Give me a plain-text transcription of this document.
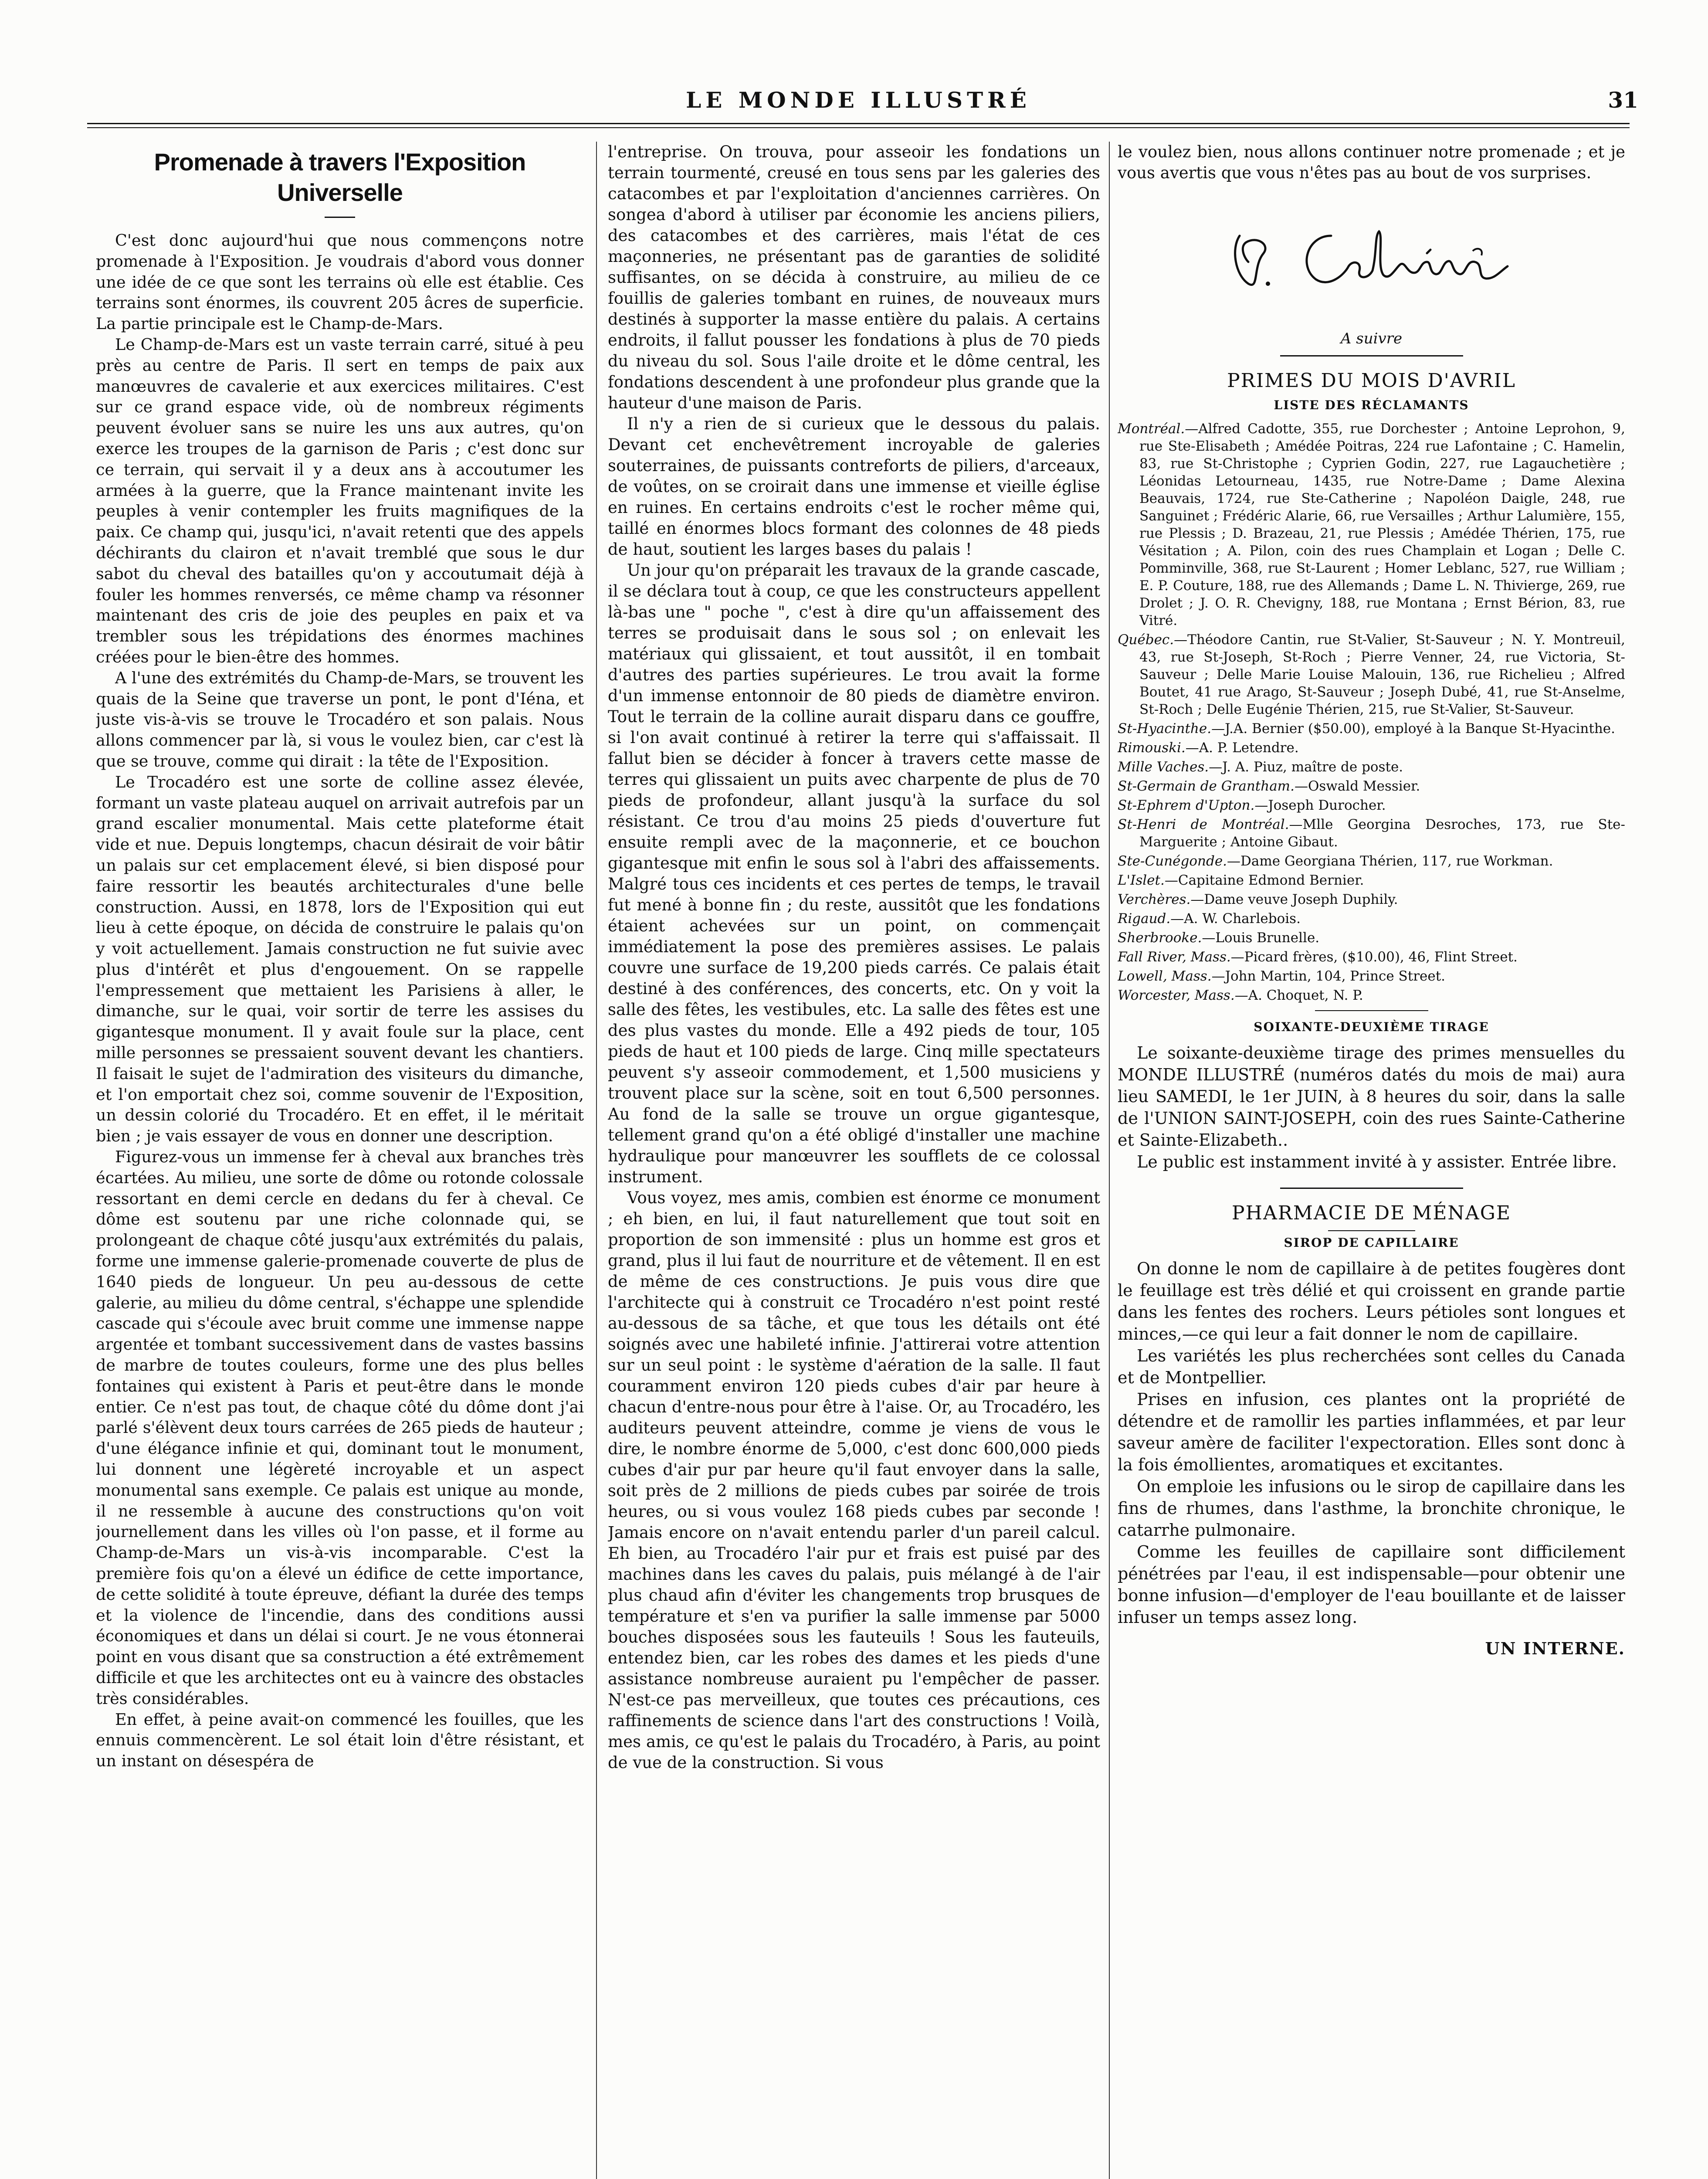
LE MONDE ILLUSTRÉ	31
Promenade à travers l'Exposition Universelle

C'est donc aujourd'hui que nous commençons notre promenade à l'Exposition. Je voudrais d'abord vous donner une idée de ce que sont les terrains où elle est établie. Ces terrains sont énormes, ils couvrent 205 âcres de superficie. La partie principale est le Champ-de-Mars.

Le Champ-de-Mars est un vaste terrain carré, situé à peu près au centre de Paris. Il sert en temps de paix aux manœuvres de cavalerie et aux exercices militaires. C'est sur ce grand espace vide, où de nombreux régiments peuvent évoluer sans se nuire les uns aux autres, qu'on exerce les troupes de la garnison de Paris ; c'est donc sur ce terrain, qui servait il y a deux ans à accoutumer les armées à la guerre, que la France maintenant invite les peuples à venir contempler les fruits magnifiques de la paix. Ce champ qui, jusqu'ici, n'avait retenti que des appels déchirants du clairon et n'avait tremblé que sous le dur sabot du cheval des batailles qu'on y accoutumait déjà à fouler les hommes renversés, ce même champ va résonner maintenant des cris de joie des peuples en paix et va trembler sous les trépidations des énormes machines créées pour le bien-être des hommes.

A l'une des extrémités du Champ-de-Mars, se trouvent les quais de la Seine que traverse un pont, le pont d'Iéna, et juste vis-à-vis se trouve le Trocadéro et son palais. Nous allons commencer par là, si vous le voulez bien, car c'est là que se trouve, comme qui dirait : la tête de l'Exposition.

Le Trocadéro est une sorte de colline assez élevée, formant un vaste plateau auquel on arrivait autrefois par un grand escalier monumental. Mais cette plateforme était vide et nue. Depuis longtemps, chacun désirait de voir bâtir un palais sur cet emplacement élevé, si bien disposé pour faire ressortir les beautés architecturales d'une belle construction. Aussi, en 1878, lors de l'Exposition qui eut lieu à cette époque, on décida de construire le palais qu'on y voit actuellement. Jamais construction ne fut suivie avec plus d'intérêt et plus d'engouement. On se rappelle l'empressement que mettaient les Parisiens à aller, le dimanche, sur le quai, voir sortir de terre les assises du gigantesque monument. Il y avait foule sur la place, cent mille personnes se pressaient souvent devant les chantiers. Il faisait le sujet de l'admiration des visiteurs du dimanche, et l'on emportait chez soi, comme souvenir de l'Exposition, un dessin colorié du Trocadéro. Et en effet, il le méritait bien ; je vais essayer de vous en donner une description.

Figurez-vous un immense fer à cheval aux branches très écartées. Au milieu, une sorte de dôme ou rotonde colossale ressortant en demi cercle en dedans du fer à cheval. Ce dôme est soutenu par une riche colonnade qui, se prolongeant de chaque côté jusqu'aux extrémités du palais, forme une immense galerie-promenade couverte de plus de 1640 pieds de longueur. Un peu au-dessous de cette galerie, au milieu du dôme central, s'échappe une splendide cascade qui s'écoule avec bruit comme une immense nappe argentée et tombant successivement dans de vastes bassins de marbre de toutes couleurs, forme une des plus belles fontaines qui existent à Paris et peut-être dans le monde entier. Ce n'est pas tout, de chaque côté du dôme dont j'ai parlé s'élèvent deux tours carrées de 265 pieds de hauteur ; d'une élégance infinie et qui, dominant tout le monument, lui donnent une légèreté incroyable et un aspect monumental sans exemple. Ce palais est unique au monde, il ne ressemble à aucune des constructions qu'on voit journellement dans les villes où l'on passe, et il forme au Champ-de-Mars un vis-à-vis incomparable. C'est la première fois qu'on a élevé un édifice de cette importance, de cette solidité à toute épreuve, défiant la durée des temps et la violence de l'incendie, dans des conditions aussi économiques et dans un délai si court. Je ne vous étonnerai point en vous disant que sa construction a été extrêmement difficile et que les architectes ont eu à vaincre des obstacles très considérables.

En effet, à peine avait-on commencé les fouilles, que les ennuis commencèrent. Le sol était loin d'être résistant, et un instant on désespéra de

l'entreprise. On trouva, pour asseoir les fondations un terrain tourmenté, creusé en tous sens par les galeries des catacombes et par l'exploitation d'anciennes carrières. On songea d'abord à utiliser par économie les anciens piliers, des catacombes et des carrières, mais l'état de ces maçonneries, ne présentant pas de garanties de solidité suffisantes, on se décida à construire, au milieu de ce fouillis de galeries tombant en ruines, de nouveaux murs destinés à supporter la masse entière du palais. A certains endroits, il fallut pousser les fondations à plus de 70 pieds du niveau du sol. Sous l'aile droite et le dôme central, les fondations descendent à une profondeur plus grande que la hauteur d'une maison de Paris.

Il n'y a rien de si curieux que le dessous du palais. Devant cet enchevêtrement incroyable de galeries souterraines, de puissants contreforts de piliers, d'arceaux, de voûtes, on se croirait dans une immense et vieille église en ruines. En certains endroits c'est le rocher même qui, taillé en énormes blocs formant des colonnes de 48 pieds de haut, soutient les larges bases du palais !

Un jour qu'on préparait les travaux de la grande cascade, il se déclara tout à coup, ce que les constructeurs appellent là-bas une " poche ", c'est à dire qu'un affaissement des terres se produisait dans le sous sol ; on enlevait les matériaux qui glissaient, et tout aussitôt, il en tombait d'autres des parties supérieures. Le trou avait la forme d'un immense entonnoir de 80 pieds de diamètre environ. Tout le terrain de la colline aurait disparu dans ce gouffre, si l'on avait continué à retirer la terre qui s'affaissait. Il fallut bien se décider à foncer à travers cette masse de terres qui glissaient un puits avec charpente de plus de 70 pieds de profondeur, allant jusqu'à la surface du sol résistant. Ce trou d'au moins 25 pieds d'ouverture fut ensuite rempli avec de la maçonnerie, et ce bouchon gigantesque mit enfin le sous sol à l'abri des affaissements. Malgré tous ces incidents et ces pertes de temps, le travail fut mené à bonne fin ; du reste, aussitôt que les fondations étaient achevées sur un point, on commençait immédiatement la pose des premières assises. Le palais couvre une surface de 19,200 pieds carrés. Ce palais était destiné à des conférences, des concerts, etc. On y voit la salle des fêtes, les vestibules, etc. La salle des fêtes est une des plus vastes du monde. Elle a 492 pieds de tour, 105 pieds de haut et 100 pieds de large. Cinq mille spectateurs peuvent s'y asseoir commodement, et 1,500 musiciens y trouvent place sur la scène, soit en tout 6,500 personnes. Au fond de la salle se trouve un orgue gigantesque, tellement grand qu'on a été obligé d'installer une machine hydraulique pour manœuvrer les soufflets de ce colossal instrument.

Vous voyez, mes amis, combien est énorme ce monument ; eh bien, en lui, il faut naturellement que tout soit en proportion de son immensité : plus un homme est gros et grand, plus il lui faut de nourriture et de vêtement. Il en est de même de ces constructions. Je puis vous dire que l'architecte qui à construit ce Trocadéro n'est point resté au-dessous de sa tâche, et que tous les détails ont été soignés avec une habileté infinie. J'attirerai votre attention sur un seul point : le système d'aération de la salle. Il faut couramment environ 120 pieds cubes d'air par heure à chacun d'entre-nous pour être à l'aise. Or, au Trocadéro, les auditeurs peuvent atteindre, comme je viens de vous le dire, le nombre énorme de 5,000, c'est donc 600,000 pieds cubes d'air pur par heure qu'il faut envoyer dans la salle, soit près de 2 millions de pieds cubes par soirée de trois heures, ou si vous voulez 168 pieds cubes par seconde ! Jamais encore on n'avait entendu parler d'un pareil calcul. Eh bien, au Trocadéro l'air pur et frais est puisé par des machines dans les caves du palais, puis mélangé à de l'air plus chaud afin d'éviter les changements trop brusques de température et s'en va purifier la salle immense par 5000 bouches disposées sous les fauteuils ! Sous les fauteuils, entendez bien, car les robes des dames et les pieds d'une assistance nombreuse auraient pu l'empêcher de passer. N'est-ce pas merveilleux, que toutes ces précautions, ces raffinements de science dans l'art des constructions ! Voilà, mes amis, ce qu'est le palais du Trocadéro, à Paris, au point de vue de la construction. Si vous

le voulez bien, nous allons continuer notre promenade ; et je vous avertis que vous n'êtes pas au bout de vos surprises.

A suivre
PRIMES DU MOIS D'AVRIL
LISTE DES RÉCLAMANTS
Montréal.—Alfred Cadotte, 355, rue Dorchester ; Antoine Leprohon, 9, rue Ste-Elisabeth ; Amédée Poitras, 224 rue Lafontaine ; C. Hamelin, 83, rue St-Christophe ; Cyprien Godin, 227, rue Lagauchetière ; Léonidas Letourneau, 1435, rue Notre-Dame ; Dame Alexina Beauvais, 1724, rue Ste-Catherine ; Napoléon Daigle, 248, rue Sanguinet ; Frédéric Alarie, 66, rue Versailles ; Arthur Lalumière, 155, rue Plessis ; D. Brazeau, 21, rue Plessis ; Amédée Thérien, 175, rue Vésitation ; A. Pilon, coin des rues Champlain et Logan ; Delle C. Pomminville, 368, rue St-Laurent ; Homer Leblanc, 527, rue William ; E. P. Couture, 188, rue des Allemands ; Dame L. N. Thivierge, 269, rue Drolet ; J. O. R. Chevigny, 188, rue Montana ; Ernst Bérion, 83, rue Vitré.
Québec.—Théodore Cantin, rue St-Valier, St-Sauveur ; N. Y. Montreuil, 43, rue St-Joseph, St-Roch ; Pierre Venner, 24, rue Victoria, St-Sauveur ; Delle Marie Louise Malouin, 136, rue Richelieu ; Alfred Boutet, 41 rue Arago, St-Sauveur ; Joseph Dubé, 41, rue St-Anselme, St-Roch ; Delle Eugénie Thérien, 215, rue St-Valier, St-Sauveur.
St-Hyacinthe.—J.A. Bernier ($50.00), employé à la Banque St-Hyacinthe.
Rimouski.—A. P. Letendre.
Mille Vaches.—J. A. Piuz, maître de poste.
St-Germain de Grantham.—Oswald Messier.
St-Ephrem d'Upton.—Joseph Durocher.
St-Henri de Montréal.—Mlle Georgina Desroches, 173, rue Ste-Marguerite ; Antoine Gibaut.
Ste-Cunégonde.—Dame Georgiana Thérien, 117, rue Workman.
L'Islet.—Capitaine Edmond Bernier.
Verchères.—Dame veuve Joseph Duphily.
Rigaud.—A. W. Charlebois.
Sherbrooke.—Louis Brunelle.
Fall River, Mass.—Picard frères, ($10.00), 46, Flint Street.
Lowell, Mass.—John Martin, 104, Prince Street.
Worcester, Mass.—A. Choquet, N. P.
SOIXANTE-DEUXIÈME TIRAGE

Le soixante-deuxième tirage des primes mensuelles du MONDE ILLUSTRÉ (numéros datés du mois de mai) aura lieu SAMEDI, le 1er JUIN, à 8 heures du soir, dans la salle de l'UNION SAINT-JOSEPH, coin des rues Sainte-Catherine et Sainte-Elizabeth..

Le public est instamment invité à y assister. Entrée libre.

PHARMACIE DE MÉNAGE
SIROP DE CAPILLAIRE

On donne le nom de capillaire à de petites fougères dont le feuillage est très délié et qui croissent en grande partie dans les fentes des rochers. Leurs pétioles sont longues et minces,—ce qui leur a fait donner le nom de capillaire.

Les variétés les plus recherchées sont celles du Canada et de Montpellier.

Prises en infusion, ces plantes ont la propriété de détendre et de ramollir les parties inflammées, et par leur saveur amère de faciliter l'expectoration. Elles sont donc à la fois émollientes, aromatiques et excitantes.

On emploie les infusions ou le sirop de capillaire dans les fins de rhumes, dans l'asthme, la bronchite chronique, le catarrhe pulmonaire.

Comme les feuilles de capillaire sont difficilement pénétrées par l'eau, il est indispensable—pour obtenir une bonne infusion—d'employer de l'eau bouillante et de laisser infuser un temps assez long.

UN INTERNE.
